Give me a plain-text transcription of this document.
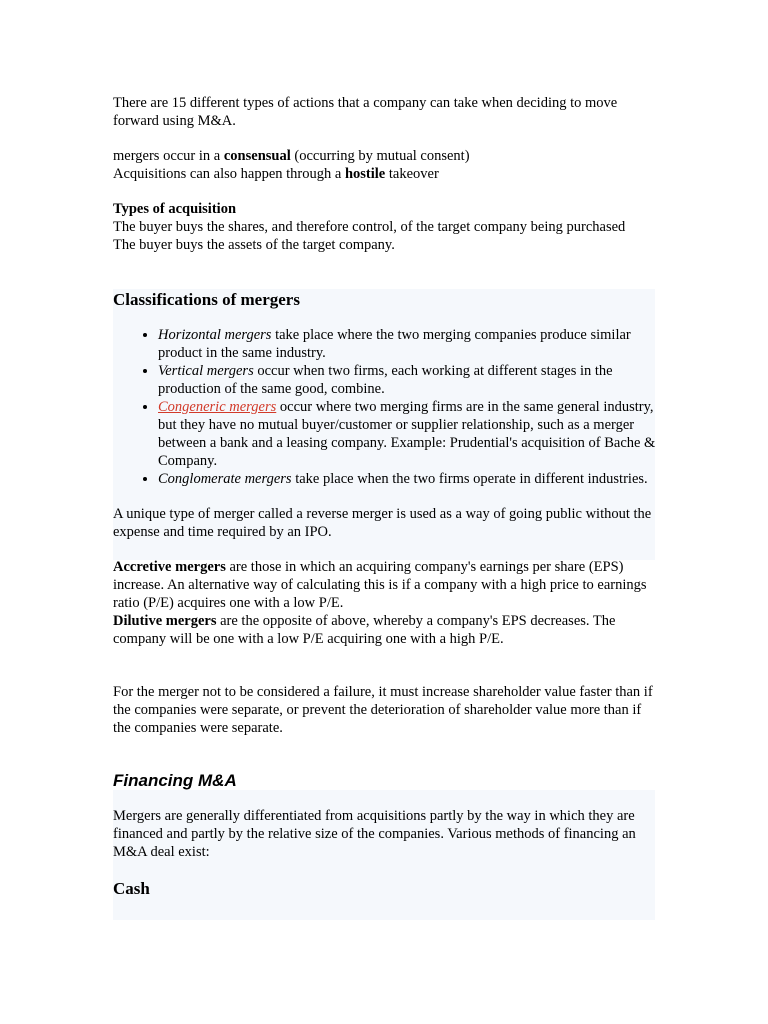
There are 15 different types of actions that a company can take when deciding to move forward using M&A.

mergers occur in a consensual (occurring by mutual consent)

Acquisitions can also happen through a hostile takeover

Types of acquisition

The buyer buys the shares, and therefore control, of the target company being purchased

The buyer buys the assets of the target company.

Classifications of mergers

• Horizontal mergers take place where the two merging companies produce similar product in the same industry.
• Vertical mergers occur when two firms, each working at different stages in the production of the same good, combine.
• Congeneric mergers occur where two merging firms are in the same general industry, but they have no mutual buyer/customer or supplier relationship, such as a merger between a bank and a leasing company. Example: Prudential's acquisition of Bache & Company.
• Conglomerate mergers take place when the two firms operate in different industries.

A unique type of merger called a reverse merger is used as a way of going public without the expense and time required by an IPO.

Accretive mergers are those in which an acquiring company's earnings per share (EPS) increase. An alternative way of calculating this is if a company with a high price to earnings ratio (P/E) acquires one with a low P/E.

Dilutive mergers are the opposite of above, whereby a company's EPS decreases. The company will be one with a low P/E acquiring one with a high P/E.

For the merger not to be considered a failure, it must increase shareholder value faster than if the companies were separate, or prevent the deterioration of shareholder value more than if the companies were separate.

Financing M&A

Mergers are generally differentiated from acquisitions partly by the way in which they are financed and partly by the relative size of the companies. Various methods of financing an M&A deal exist:

Cash
